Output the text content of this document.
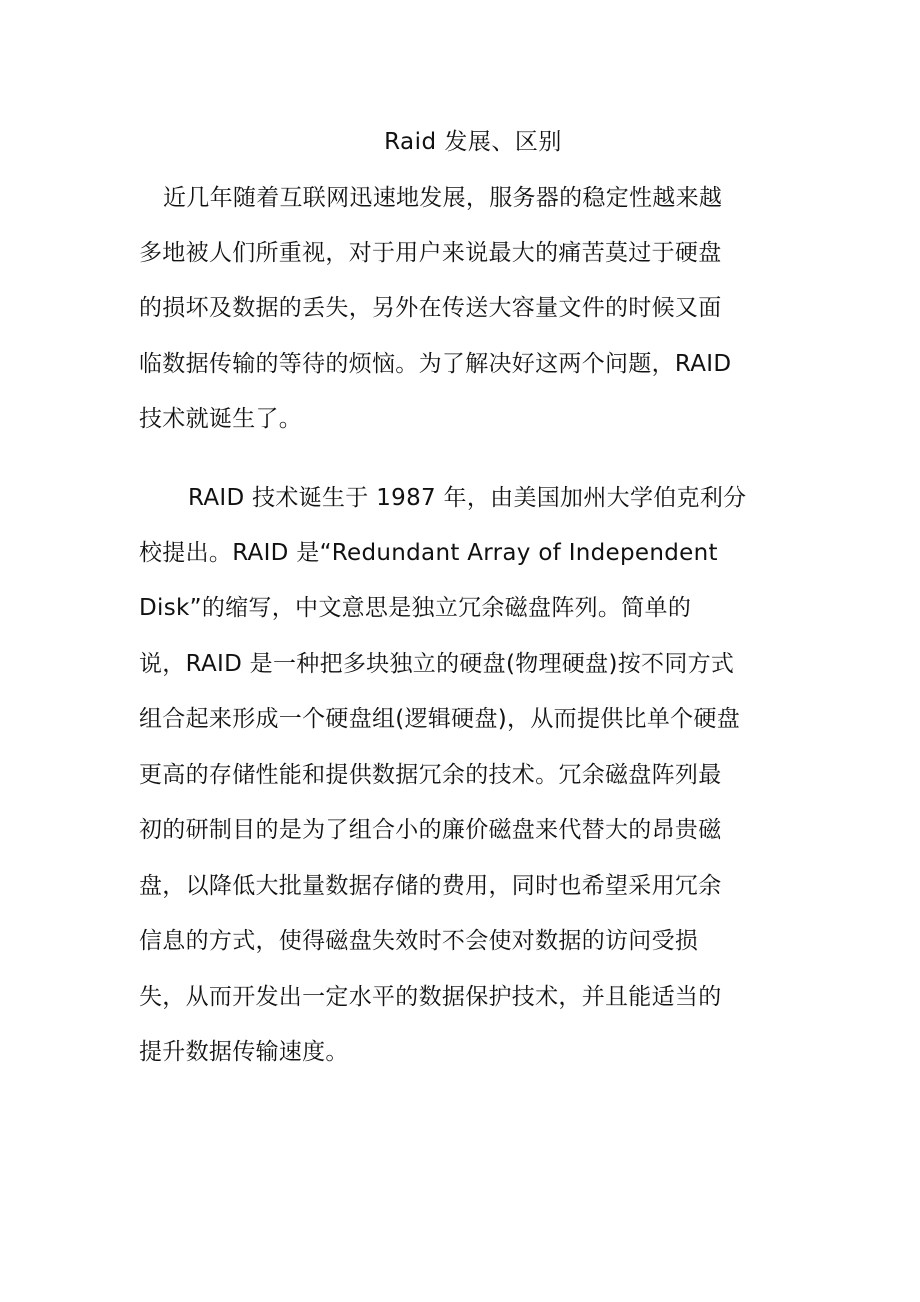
Raid 发展、区别

近几年随着互联网迅速地发展，服务器的稳定性越来越

多地被人们所重视，对于用户来说最大的痛苦莫过于硬盘

的损坏及数据的丢失，另外在传送大容量文件的时候又面

临数据传输的等待的烦恼。为了解决好这两个问题，RAID

技术就诞生了。

RAID 技术诞生于 1987 年，由美国加州大学伯克利分

校提出。RAID 是“Redundant Array of Independent

Disk”的缩写，中文意思是独立冗余磁盘阵列。简单的

说，RAID 是一种把多块独立的硬盘(物理硬盘)按不同方式

组合起来形成一个硬盘组(逻辑硬盘)，从而提供比单个硬盘

更高的存储性能和提供数据冗余的技术。冗余磁盘阵列最

初的研制目的是为了组合小的廉价磁盘来代替大的昂贵磁

盘，以降低大批量数据存储的费用，同时也希望采用冗余

信息的方式，使得磁盘失效时不会使对数据的访问受损

失，从而开发出一定水平的数据保护技术，并且能适当的

提升数据传输速度。
